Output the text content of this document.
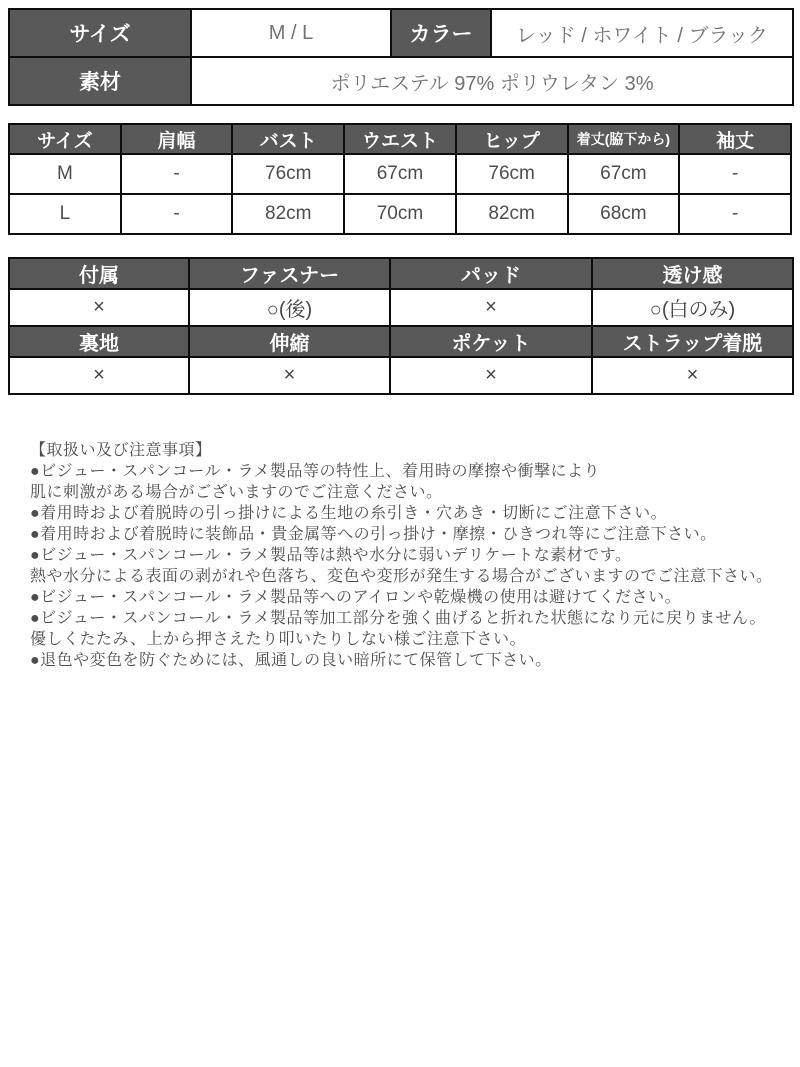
サイズ	M / L	カラー	レッド / ホワイト / ブラック
素材	ポリエステル 97% ポリウレタン 3%		
サイズ	肩幅	バスト	ウエスト	ヒップ	着丈(脇下から)	袖丈
M	-	76cm	67cm	76cm	67cm	-
L	-	82cm	70cm	82cm	68cm	-
付属	ファスナー	パッド	透け感
×	○(後)	×	○(白のみ)
裏地	伸縮	ポケット	ストラップ着脱
×	×	×	×
【取扱い及び注意事項】
●ビジュー・スパンコール・ラメ製品等の特性上、着用時の摩擦や衝撃により
肌に刺激がある場合がございますのでご注意ください。
●着用時および着脱時の引っ掛けによる生地の糸引き・穴あき・切断にご注意下さい。
●着用時および着脱時に装飾品・貴金属等への引っ掛け・摩擦・ひきつれ等にご注意下さい。
●ビジュー・スパンコール・ラメ製品等は熱や水分に弱いデリケートな素材です。
熱や水分による表面の剥がれや色落ち、変色や変形が発生する場合がございますのでご注意下さい。
●ビジュー・スパンコール・ラメ製品等へのアイロンや乾燥機の使用は避けてください。
●ビジュー・スパンコール・ラメ製品等加工部分を強く曲げると折れた状態になり元に戻りません。
優しくたたみ、上から押さえたり叩いたりしない様ご注意下さい。
●退色や変色を防ぐためには、風通しの良い暗所にて保管して下さい。
